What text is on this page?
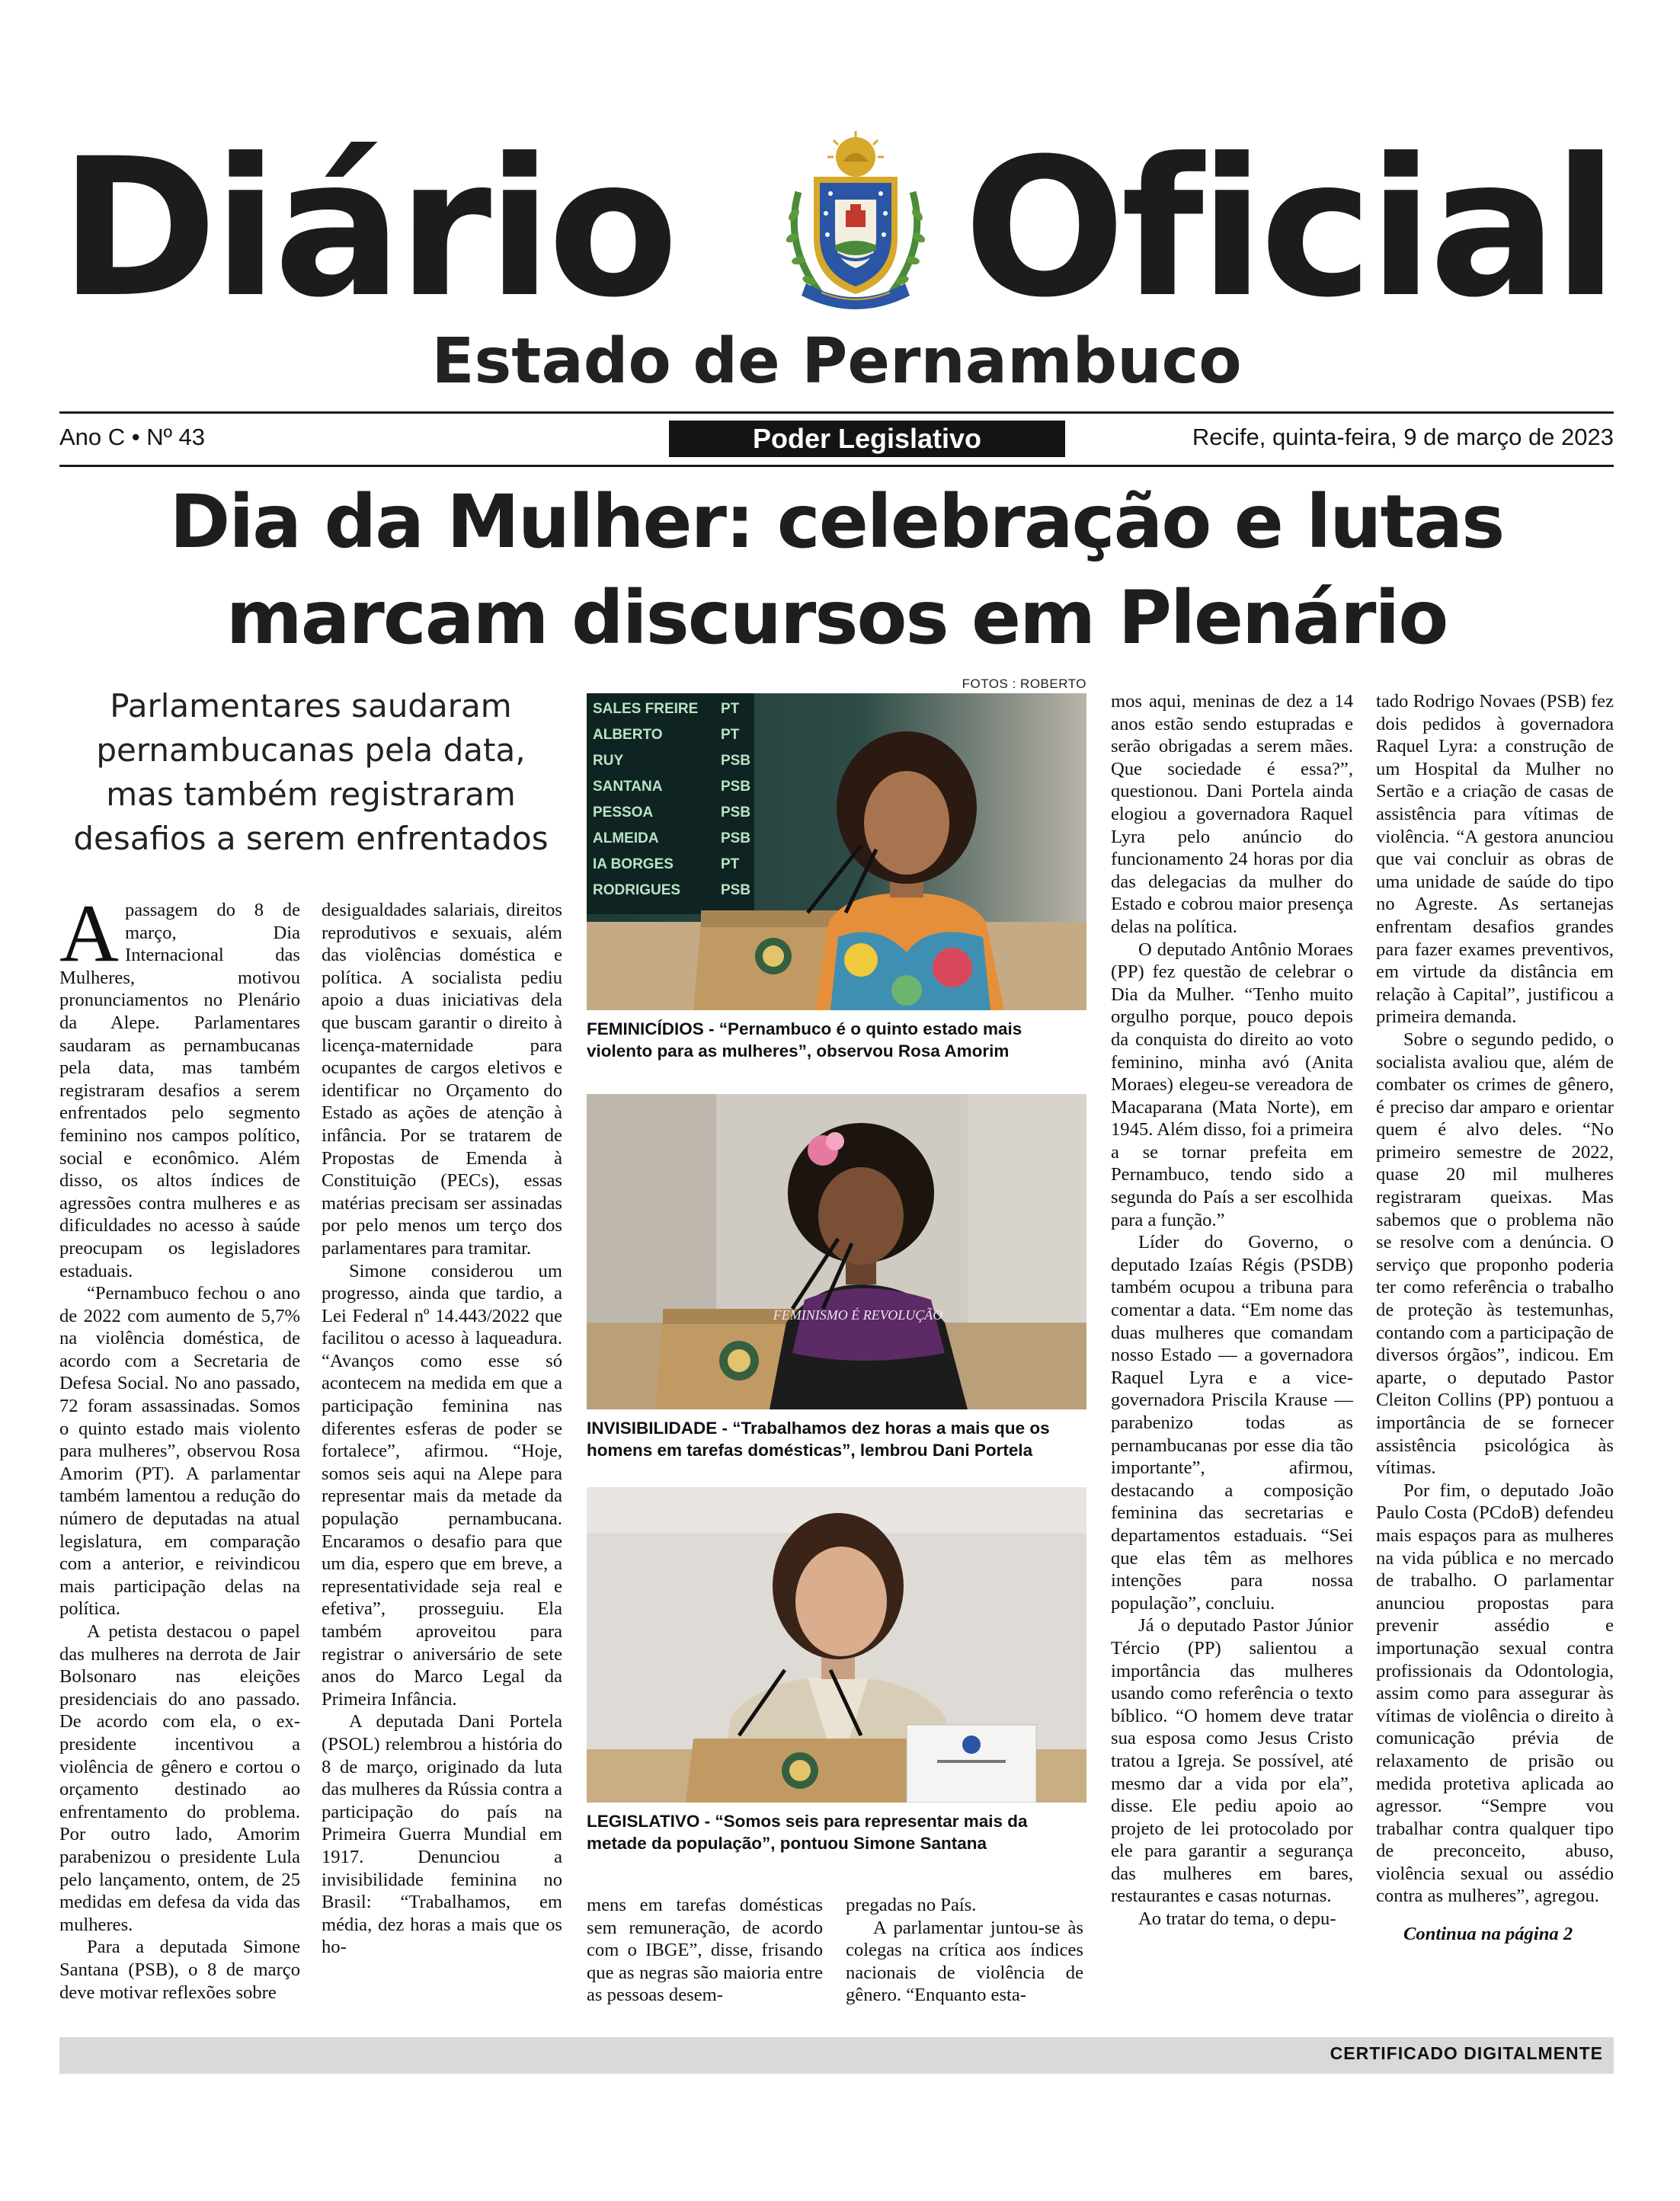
Diário Oficial
Estado de Pernambuco
Ano C • Nº 43	Poder Legislativo	Recife, quinta-feira, 9 de março de 2023
Dia da Mulher: celebração e lutas
marcam discursos em Plenário
Parlamentares saudaram
pernambucanas pela data,
mas também registraram
desafios a serem enfrentados

Apassagem do 8 de março, Dia Internacional das Mulheres, motivou pronunciamentos no Plenário da Alepe. Parlamentares saudaram as pernambucanas pela data, mas também registraram desafios a serem enfrentados pelo segmento feminino nos campos político, social e econômico. Além disso, os altos índices de agressões contra mulheres e as dificuldades no acesso à saúde preocupam os legisladores estaduais.

“Pernambuco fechou o ano de 2022 com aumento de 5,7% na violência doméstica, de acordo com a Secretaria de Defesa Social. No ano passado, 72 foram assassinadas. Somos o quinto estado mais violento para mulheres”, observou Rosa Amorim (PT). A parlamentar também lamentou a redução do número de deputadas na atual legislatura, em comparação com a anterior, e reivindicou mais participação delas na política.

A petista destacou o papel das mulheres na derrota de Jair Bolsonaro nas eleições presidenciais do ano passado. De acordo com ela, o ex-presidente incentivou a violência de gênero e cortou o orçamento destinado ao enfrentamento do problema. Por outro lado, Amorim parabenizou o presidente Lula pelo lançamento, ontem, de 25 medidas em defesa da vida das mulheres.

Para a deputada Simone Santana (PSB), o 8 de março deve motivar reflexões sobre

desigualdades salariais, direitos reprodutivos e sexuais, além das violências doméstica e política. A socialista pediu apoio a duas iniciativas dela que buscam garantir o direito à licença-maternidade para ocupantes de cargos eletivos e identificar no Orçamento do Estado as ações de atenção à infância. Por se tratarem de Propostas de Emenda à Constituição (PECs), essas matérias precisam ser assinadas por pelo menos um terço dos parlamentares para tramitar.

Simone considerou um progresso, ainda que tardio, a Lei Federal nº 14.443/2022 que facilitou o acesso à laqueadura. “Avanços como esse só acontecem na medida em que a participação feminina nas diferentes esferas de poder se fortalece”, afirmou. “Hoje, somos seis aqui na Alepe para representar mais da metade da população pernambucana. Encaramos o desafio para que um dia, espero que em breve, a representatividade seja real e efetiva”, prosseguiu. Ela também aproveitou para registrar o aniversário de sete anos do Marco Legal da Primeira Infância.

A deputada Dani Portela (PSOL) relembrou a história do 8 de março, originado da luta das mulheres da Rússia contra a participação do país na Primeira Guerra Mundial em 1917. Denunciou a invisibilidade feminina no Brasil: “Trabalhamos, em média, dez horas a mais que os ho-

FOTOS : ROBERTO
SALES FREIRE PT
ALBERTO	PT
RUY	PSB
SANTANA	PSB
PESSOA	PSB
ALMEIDA	PSB
IA BORGES	PT
RODRIGUES	PSB
FEMINICÍDIOS - “Pernambuco é o quinto estado mais violento para as mulheres”, observou Rosa Amorim
FEMINISMO É REVOLUÇÃO
INVISIBILIDADE - “Trabalhamos dez horas a mais que os homens em tarefas domésticas”, lembrou Dani Portela
LEGISLATIVO - “Somos seis para representar mais da metade da população”, pontuou Simone Santana

mens em tarefas domésticas sem remuneração, de acordo com o IBGE”, disse, frisando que as negras são maioria entre as pessoas desem-

pregadas no País.

A parlamentar juntou-se às colegas na crítica aos índices nacionais de violência de gênero. “Enquanto esta-

mos aqui, meninas de dez a 14 anos estão sendo estupradas e serão obrigadas a serem mães. Que sociedade é essa?”, questionou. Dani Portela ainda elogiou a governadora Raquel Lyra pelo anúncio do funcionamento 24 horas por dia das delegacias da mulher do Estado e cobrou maior presença delas na política.

O deputado Antônio Moraes (PP) fez questão de celebrar o Dia da Mulher. “Tenho muito orgulho porque, pouco depois da conquista do direito ao voto feminino, minha avó (Anita Moraes) elegeu-se vereadora de Macaparana (Mata Norte), em 1945. Além disso, foi a primeira a se tornar prefeita em Pernambuco, tendo sido a segunda do País a ser escolhida para a função.”

Líder do Governo, o deputado Izaías Régis (PSDB) também ocupou a tribuna para comentar a data. “Em nome das duas mulheres que comandam nosso Estado — a governadora Raquel Lyra e a vice-governadora Priscila Krause — parabenizo todas as pernambucanas por esse dia tão importante”, afirmou, destacando a composição feminina das secretarias e departamentos estaduais. “Sei que elas têm as melhores intenções para nossa população”, concluiu.

Já o deputado Pastor Júnior Tércio (PP) salientou a importância das mulheres usando como referência o texto bíblico. “O homem deve tratar sua esposa como Jesus Cristo tratou a Igreja. Se possível, até mesmo dar a vida por ela”, disse. Ele pediu apoio ao projeto de lei protocolado por ele para garantir a segurança das mulheres em bares, restaurantes e casas noturnas.

Ao tratar do tema, o depu-

tado Rodrigo Novaes (PSB) fez dois pedidos à governadora Raquel Lyra: a construção de um Hospital da Mulher no Sertão e a criação de casas de assistência para vítimas de violência. “A gestora anunciou que vai concluir as obras de uma unidade de saúde do tipo no Agreste. As sertanejas enfrentam desafios grandes para fazer exames preventivos, em virtude da distância em relação à Capital”, justificou a primeira demanda.

Sobre o segundo pedido, o socialista avaliou que, além de combater os crimes de gênero, é preciso dar amparo e orientar quem é alvo deles. “No primeiro semestre de 2022, quase 20 mil mulheres registraram queixas. Mas sabemos que o problema não se resolve com a denúncia. O serviço que proponho poderia ter como referência o trabalho de proteção às testemunhas, contando com a participação de diversos órgãos”, indicou. Em aparte, o deputado Pastor Cleiton Collins (PP) pontuou a importância de se fornecer assistência psicológica às vítimas.

Por fim, o deputado João Paulo Costa (PCdoB) defendeu mais espaços para as mulheres na vida pública e no mercado de trabalho. O parlamentar anunciou propostas para prevenir assédio e importunação sexual contra profissionais da Odontologia, assim como para assegurar às vítimas de violência o direito à comunicação prévia de relaxamento de prisão ou medida protetiva aplicada ao agressor. “Sempre vou trabalhar contra qualquer tipo de preconceito, abuso, violência sexual ou assédio contra as mulheres”, agregou.

Continua na página 2

CERTIFICADO DIGITALMENTE
